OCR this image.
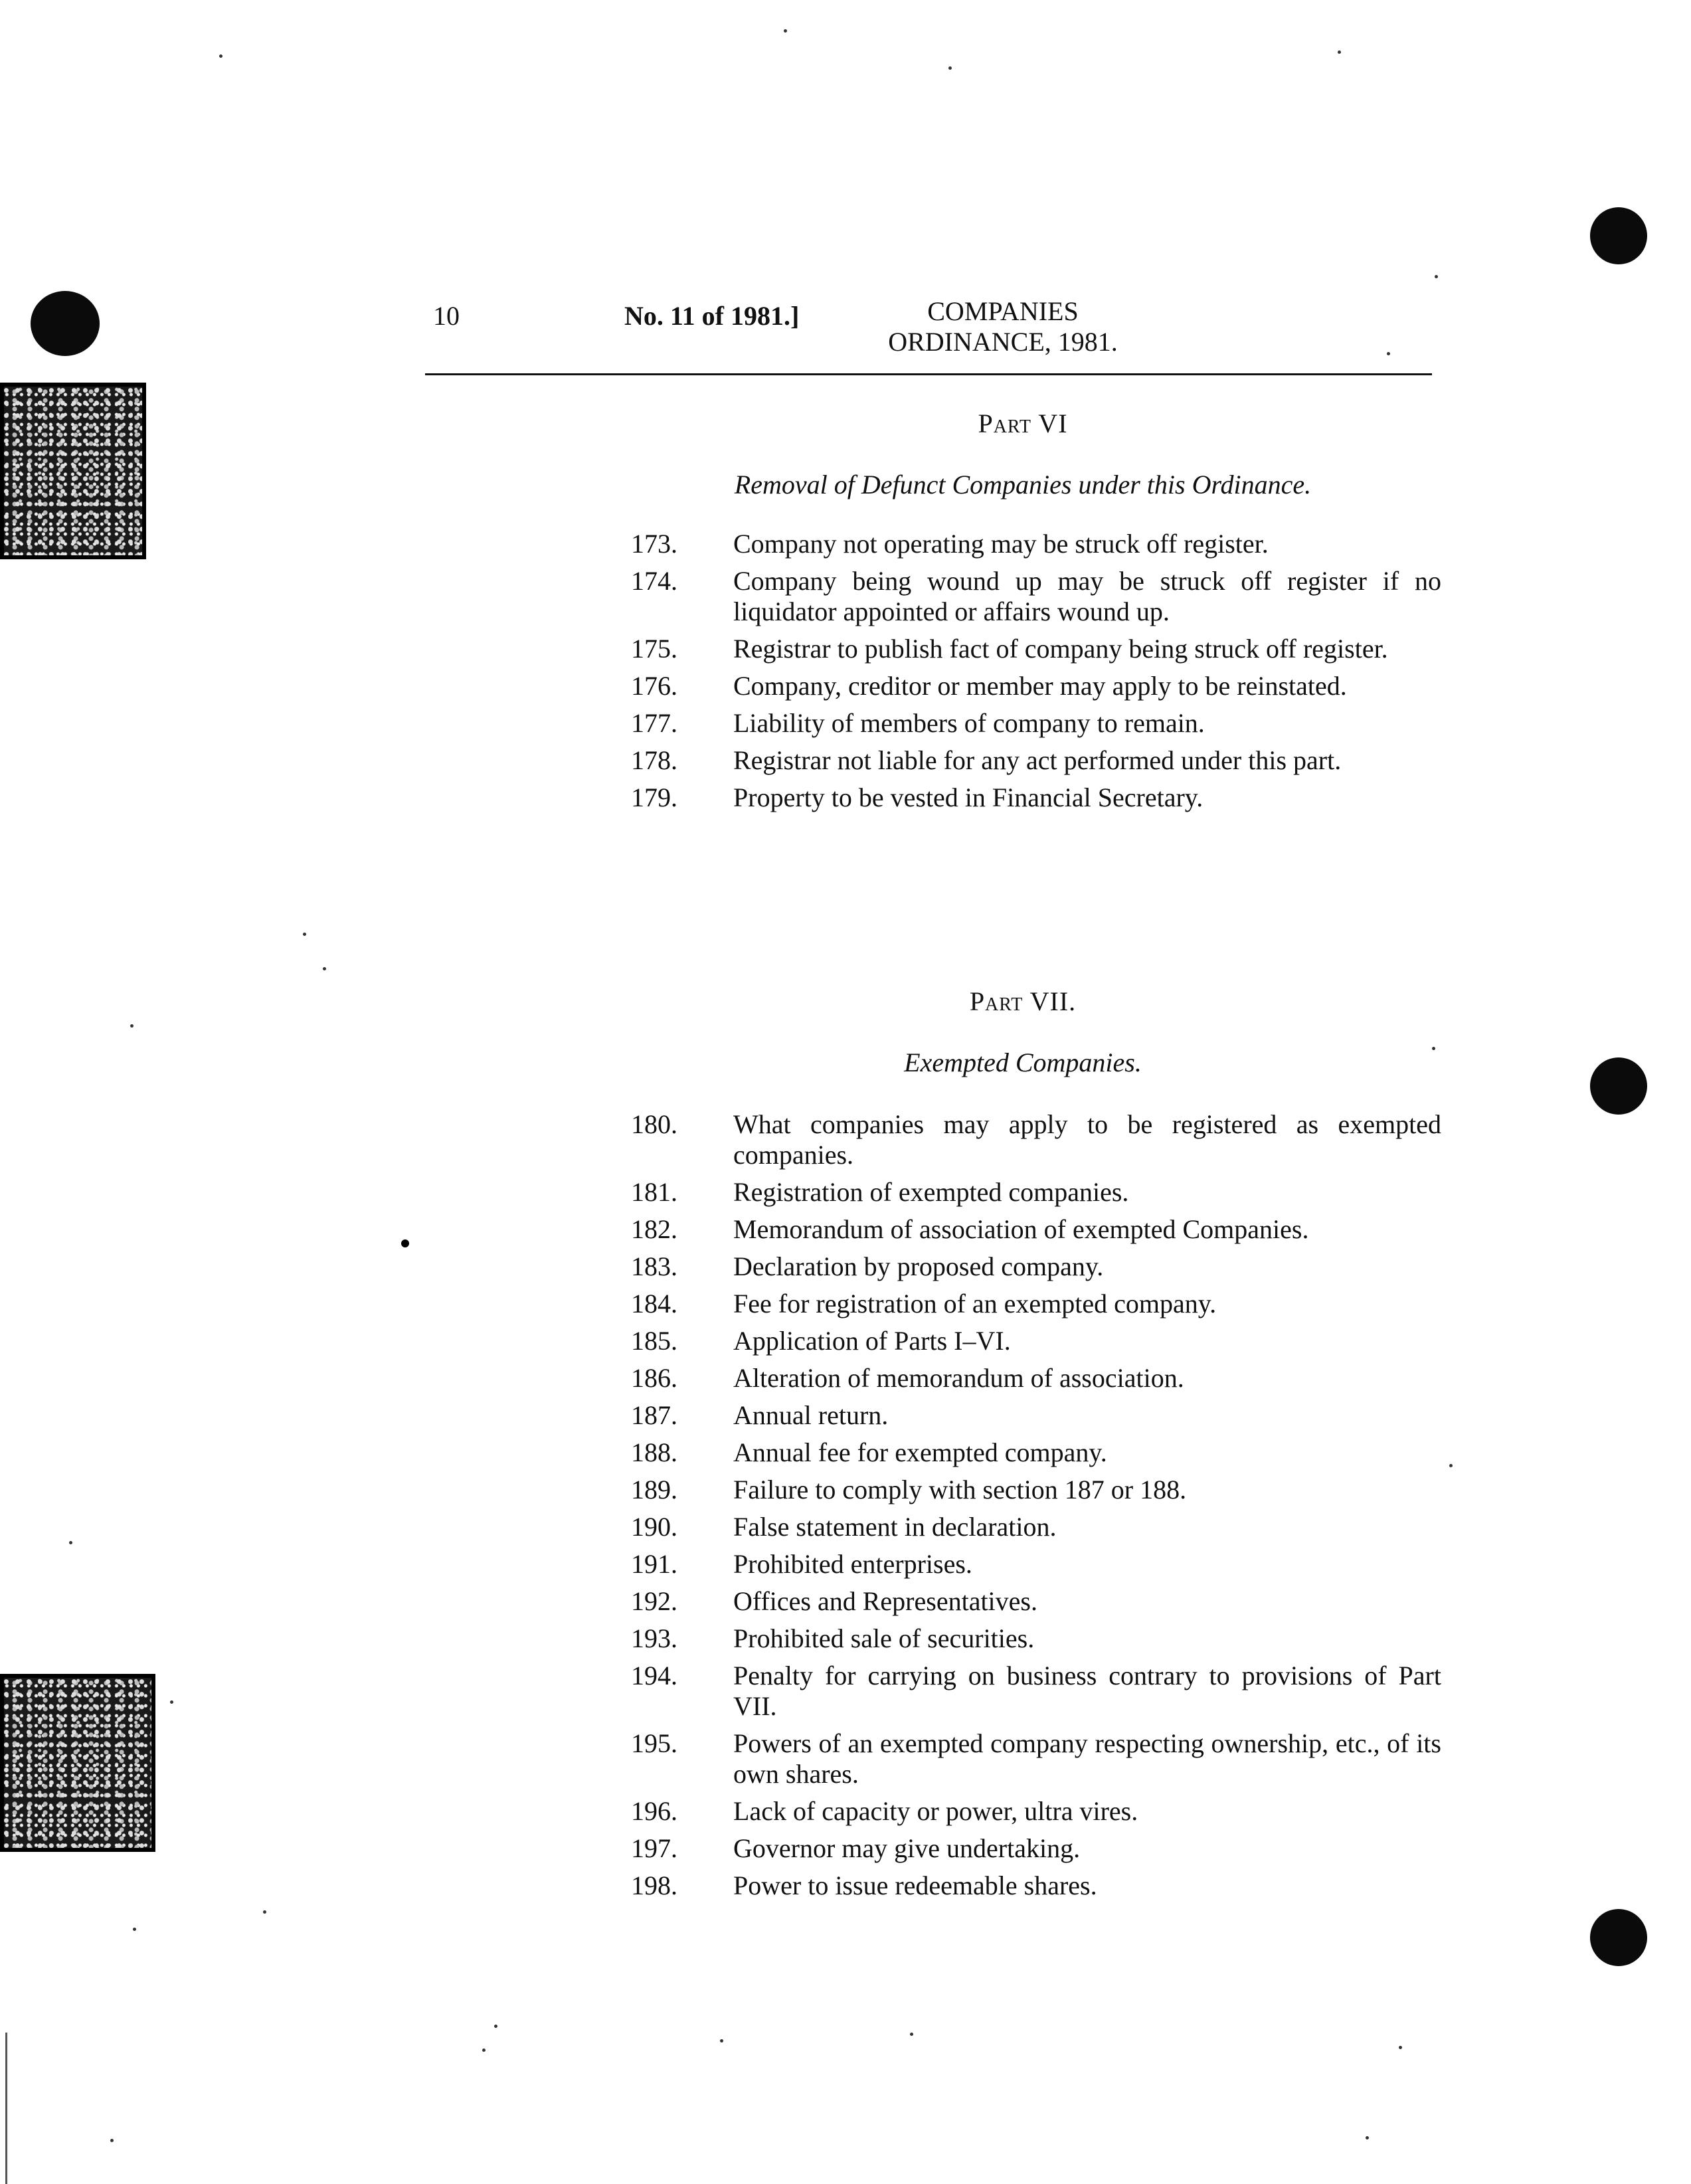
10	No. 11 of 1981.]	COMPANIES
ORDINANCE, 1981.
Part VI
Removal of Defunct Companies under this Ordinance.
173.	Company not operating may be struck off register.
174.	Company being wound up may be struck off register if no liquidator appointed or affairs wound up.
175.	Registrar to publish fact of company being struck off register.
176.	Company, creditor or member may apply to be reinstated.
177.	Liability of members of company to remain.
178.	Registrar not liable for any act performed under this part.
179.	Property to be vested in Financial Secretary.
Part VII.
Exempted Companies.
180.	What companies may apply to be registered as exempted companies.
181.	Registration of exempted companies.
182.	Memorandum of association of exempted Companies.
183.	Declaration by proposed company.
184.	Fee for registration of an exempted company.
185.	Application of Parts I–VI.
186.	Alteration of memorandum of association.
187.	Annual return.
188.	Annual fee for exempted company.
189.	Failure to comply with section 187 or 188.
190.	False statement in declaration.
191.	Prohibited enterprises.
192.	Offices and Representatives.
193.	Prohibited sale of securities.
194.	Penalty for carrying on business contrary to provisions of Part VII.
195.	Powers of an exempted company respecting ownership, etc., of its own shares.
196.	Lack of capacity or power, ultra vires.
197.	Governor may give undertaking.
198.	Power to issue redeemable shares.
